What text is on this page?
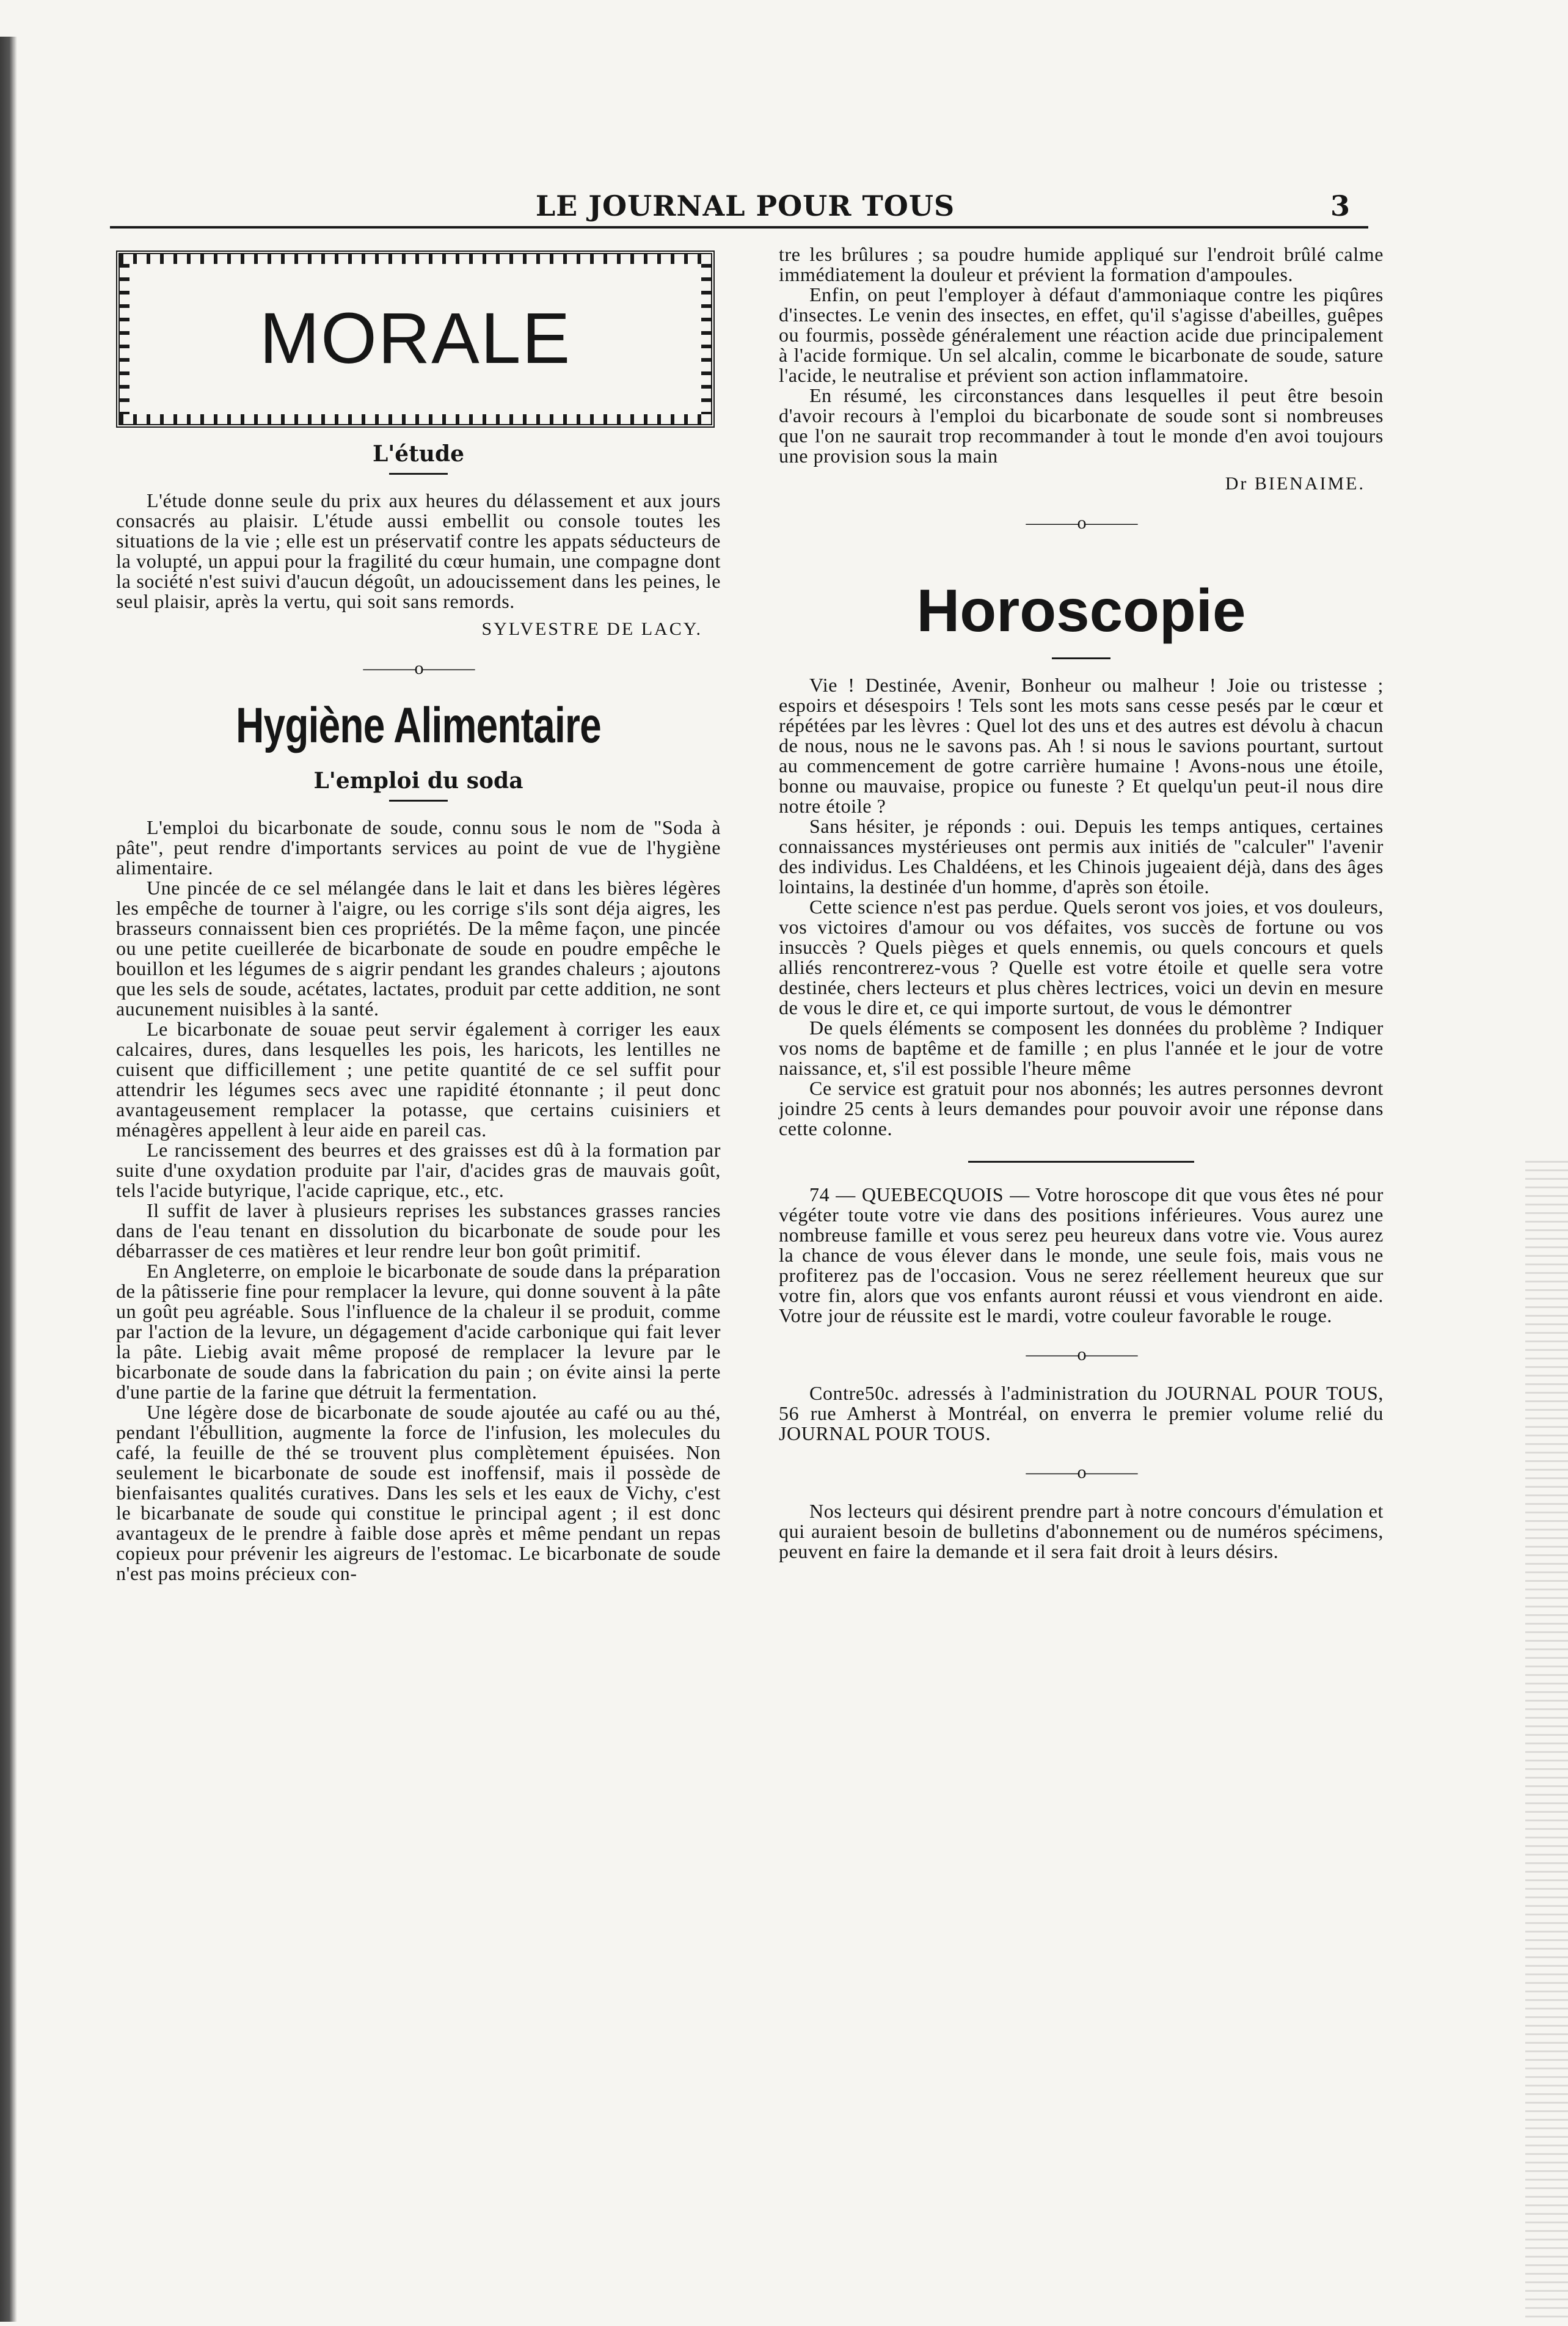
LE JOURNAL POUR TOUS	3
MORALE
L'étude

L'étude donne seule du prix aux heures du délassement et aux jours consacrés au plaisir. L'étude aussi embellit ou console toutes les situations de la vie ; elle est un préservatif contre les appats séducteurs de la volupté, un appui pour la fragilité du cœur humain, une compagne dont la société n'est suivi d'aucun dégoût, un adoucissement dans les peines, le seul plaisir, après la vertu, qui soit sans remords.

SYLVESTRE DE LACY.
———o———
Hygiène Alimentaire
L'emploi du soda

L'emploi du bicarbonate de soude, connu sous le nom de "Soda à pâte", peut rendre d'importants services au point de vue de l'hygiène alimentaire.

Une pincée de ce sel mélangée dans le lait et dans les bières légères les empêche de tourner à l'aigre, ou les corrige s'ils sont déja aigres, les brasseurs connaissent bien ces propriétés. De la même façon, une pincée ou une petite cueillerée de bicarbonate de soude en poudre empêche le bouillon et les légumes de s aigrir pendant les grandes chaleurs ; ajoutons que les sels de soude, acétates, lactates, produit par cette addition, ne sont aucunement nuisibles à la santé.

Le bicarbonate de souae peut servir également à corriger les eaux calcaires, dures, dans lesquelles les pois, les haricots, les lentilles ne cuisent que difficillement ; une petite quantité de ce sel suffit pour attendrir les légumes secs avec une rapidité étonnante ; il peut donc avantageusement remplacer la potasse, que certains cuisiniers et ménagères appellent à leur aide en pareil cas.

Le rancissement des beurres et des graisses est dû à la formation par suite d'une oxydation produite par l'air, d'acides gras de mauvais goût, tels l'acide butyrique, l'acide caprique, etc., etc.

Il suffit de laver à plusieurs reprises les substances grasses rancies dans de l'eau tenant en dissolution du bicarbonate de soude pour les débarrasser de ces matières et leur rendre leur bon goût primitif.

En Angleterre, on emploie le bicarbonate de soude dans la préparation de la pâtisserie fine pour remplacer la levure, qui donne souvent à la pâte un goût peu agréable. Sous l'influence de la chaleur il se produit, comme par l'action de la levure, un dégagement d'acide carbonique qui fait lever la pâte. Liebig avait même proposé de remplacer la levure par le bicarbonate de soude dans la fabrication du pain ; on évite ainsi la perte d'une partie de la farine que détruit la fermentation.

Une légère dose de bicarbonate de soude ajoutée au café ou au thé, pendant l'ébullition, augmente la force de l'infusion, les molecules du café, la feuille de thé se trouvent plus complètement épuisées. Non seulement le bicarbonate de soude est inoffensif, mais il possède de bienfaisantes qualités curatives. Dans les sels et les eaux de Vichy, c'est le bicarbanate de soude qui constitue le principal agent ; il est donc avantageux de le prendre à faible dose après et même pendant un repas copieux pour prévenir les aigreurs de l'estomac. Le bicarbonate de soude n'est pas moins précieux con-

tre les brûlures ; sa poudre humide appliqué sur l'endroit brûlé calme immédiatement la douleur et prévient la formation d'ampoules.

Enfin, on peut l'employer à défaut d'ammoniaque contre les piqûres d'insectes. Le venin des insectes, en effet, qu'il s'agisse d'abeilles, guêpes ou fourmis, possède généralement une réaction acide due principalement à l'acide formique. Un sel alcalin, comme le bicarbonate de soude, sature l'acide, le neutralise et prévient son action inflammatoire.

En résumé, les circonstances dans lesquelles il peut être besoin d'avoir recours à l'emploi du bicarbonate de soude sont si nombreuses que l'on ne saurait trop recommander à tout le monde d'en avoi toujours une provision sous la main

Dr BIENAIME.
———o———
Horoscopie

Vie ! Destinée, Avenir, Bonheur ou malheur ! Joie ou tristesse ; espoirs et désespoirs ! Tels sont les mots sans cesse pesés par le cœur et répétées par les lèvres : Quel lot des uns et des autres est dévolu à chacun de nous, nous ne le savons pas. Ah ! si nous le savions pourtant, surtout au commencement de gotre carrière humaine ! Avons-nous une étoile, bonne ou mauvaise, propice ou funeste ? Et quelqu'un peut-il nous dire notre étoile ?

Sans hésiter, je réponds : oui. Depuis les temps antiques, certaines connaissances mystérieuses ont permis aux initiés de "calculer" l'avenir des individus. Les Chaldéens, et les Chinois jugeaient déjà, dans des âges lointains, la destinée d'un homme, d'après son étoile.

Cette science n'est pas perdue. Quels seront vos joies, et vos douleurs, vos victoires d'amour ou vos défaites, vos succès de fortune ou vos insuccès ? Quels pièges et quels ennemis, ou quels concours et quels alliés rencontrerez-vous ? Quelle est votre étoile et quelle sera votre destinée, chers lecteurs et plus chères lectrices, voici un devin en mesure de vous le dire et, ce qui importe surtout, de vous le démontrer

De quels éléments se composent les données du problème ? Indiquer vos noms de baptême et de famille ; en plus l'année et le jour de votre naissance, et, s'il est possible l'heure même

Ce service est gratuit pour nos abonnés; les autres personnes devront joindre 25 cents à leurs demandes pour pouvoir avoir une réponse dans cette colonne.

74 — QUEBECQUOIS — Votre horoscope dit que vous êtes né pour végéter toute votre vie dans des positions inférieures. Vous aurez une nombreuse famille et vous serez peu heureux dans votre vie. Vous aurez la chance de vous élever dans le monde, une seule fois, mais vous ne profiterez pas de l'occasion. Vous ne serez réellement heureux que sur votre fin, alors que vos enfants auront réussi et vous viendront en aide. Votre jour de réussite est le mardi, votre couleur favorable le rouge.

———o———

Contre50c. adressés à l'administration du JOURNAL POUR TOUS, 56 rue Amherst à Montréal, on enverra le premier volume relié du JOURNAL POUR TOUS.

———o———

Nos lecteurs qui désirent prendre part à notre concours d'émulation et qui auraient besoin de bulletins d'abonnement ou de numéros spécimens, peuvent en faire la demande et il sera fait droit à leurs désirs.
